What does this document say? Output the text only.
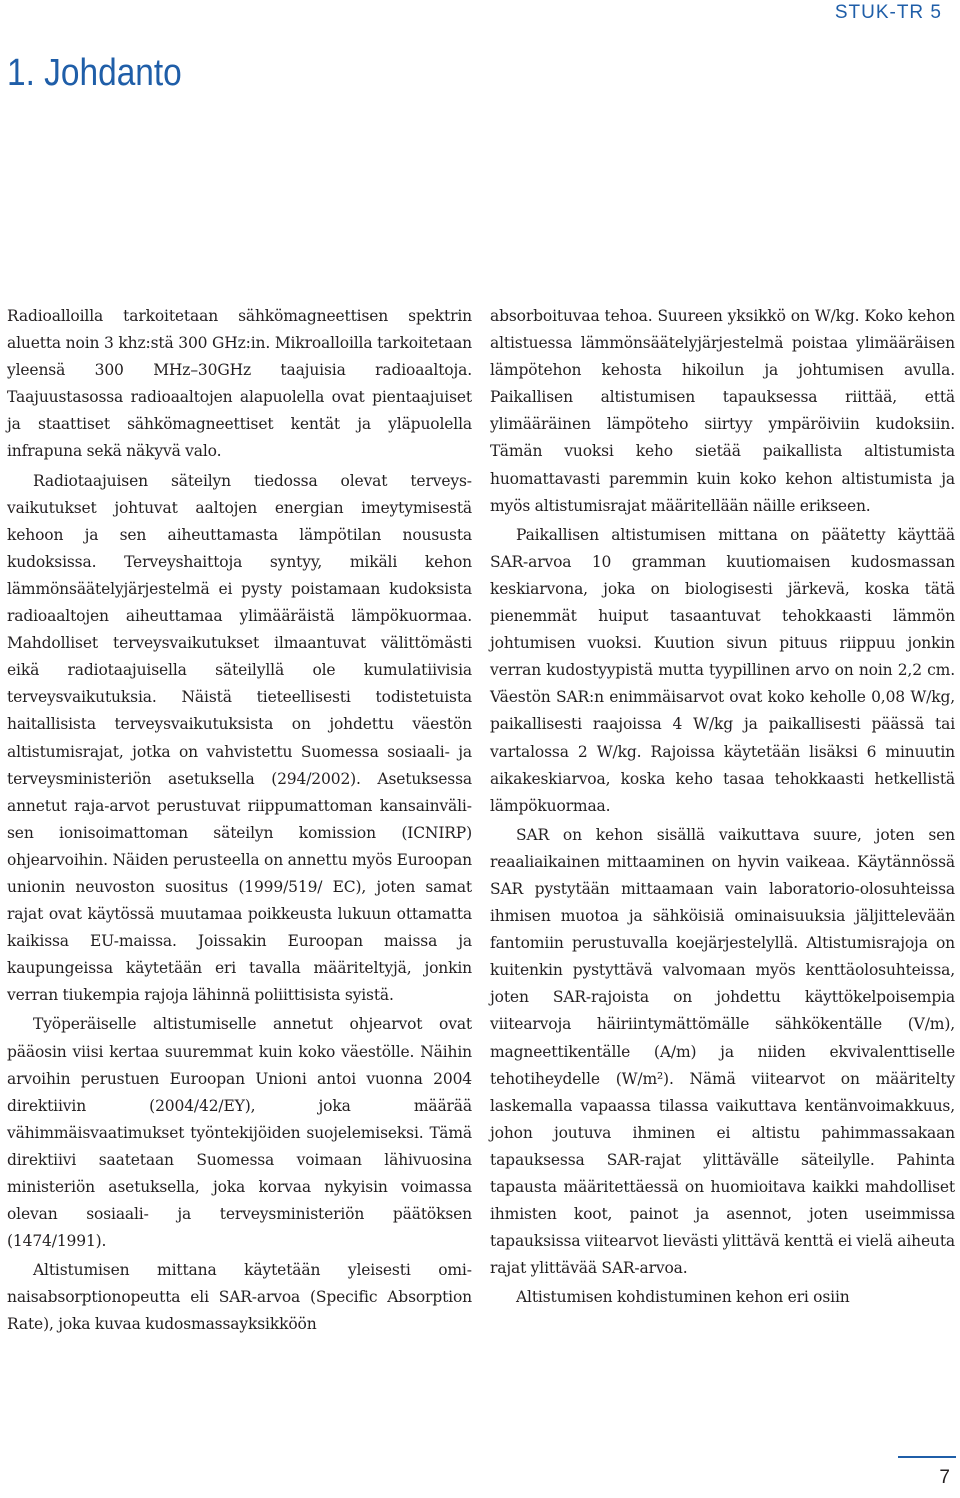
STUK-TR 5
1. Johdanto

Radioalloilla tarkoitetaan sähkömagneettisen spektrin aluetta noin 3 khz:stä 300 GHz:in. Mikroalloilla tarkoitetaan yleensä 300 MHz–30GHz taajuisia radioaaltoja. Taajuustasossa radioaaltojen alapuolella ovat pientaajuiset ja staattiset sähkömagneettiset kentät ja yläpuolella infrapuna sekä näkyvä valo.

Radiotaajuisen säteilyn tiedossa olevat terveysvaikutukset johtuvat aaltojen energian imeytymisestä kehoon ja sen aiheuttamasta lämpötilan noususta kudoksissa. Terveyshaittoja syntyy, mikäli kehon lämmönsäätelyjärjestelmä ei pysty poistamaan kudoksista radioaaltojen aiheuttamaa ylimääräistä lämpökuormaa. Mahdolliset terveysvaikutukset ilmaantuvat välittömästi eikä radiotaajuisella säteilyllä ole kumulatiivisia terveysvaikutuksia. Näistä tieteellisesti todistetuista haitallisista terveysvaikutuksista on johdettu väestön altistumisrajat, jotka on vahvistettu Suomessa sosiaali- ja terveysministeriön asetuksella (294/2002). Asetuksessa annetut raja-arvot perustuvat riippumattoman kansainvälisen ionisoimattoman säteilyn komission (ICNIRP) ohjearvoihin. Näiden perusteella on annettu myös Euroopan unionin neuvoston suositus (1999/519/ EC), joten samat rajat ovat käytössä muutamaa poikkeusta lukuun ottamatta kaikissa EU-maissa. Joissakin Euroopan maissa ja kaupungeissa käytetään eri tavalla määriteltyjä, jonkin verran tiukempia rajoja lähinnä poliittisista syistä.

Työperäiselle altistumiselle annetut ohjearvot ovat pääosin viisi kertaa suuremmat kuin koko väestölle. Näihin arvoihin perustuen Euroopan Unioni antoi vuonna 2004 direktiivin (2004/42/EY), joka määrää vähimmäisvaatimukset työntekijöiden suojelemiseksi. Tämä direktiivi saatetaan Suomessa voimaan lähivuosina ministeriön asetuksella, joka korvaa nykyisin voimassa olevan sosiaali- ja terveysministeriön päätöksen (1474/1991).

Altistumisen mittana käytetään yleisesti ominaisabsorptionopeutta eli SAR-arvoa (Specific Absorption Rate), joka kuvaa kudosmassayksikköön

absorboituvaa tehoa. Suureen yksikkö on W/kg. Koko kehon altistuessa lämmönsäätelyjärjestelmä poistaa ylimääräisen lämpötehon kehosta hikoilun ja johtumisen avulla. Paikallisen altistumisen tapauksessa riittää, että ylimääräinen lämpöteho siirtyy ympäröiviin kudoksiin. Tämän vuoksi keho sietää paikallista altistumista huomattavasti paremmin kuin koko kehon altistumista ja myös altistumisrajat määritellään näille erikseen.

Paikallisen altistumisen mittana on päätetty käyttää SAR-arvoa 10 gramman kuutiomaisen kudosmassan keskiarvona, joka on biologisesti järkevä, koska tätä pienemmät huiput tasaantuvat tehokkaasti lämmön johtumisen vuoksi. Kuution sivun pituus riippuu jonkin verran kudostyypistä mutta tyypillinen arvo on noin 2,2 cm. Väestön SAR:n enimmäisarvot ovat koko keholle 0,08 W/kg, paikallisesti raajoissa 4 W/kg ja paikallisesti päässä tai vartalossa 2 W/kg. Rajoissa käytetään lisäksi 6 minuutin aikakeskiarvoa, koska keho tasaa tehokkaasti hetkellistä lämpökuormaa.

SAR on kehon sisällä vaikuttava suure, joten sen reaaliaikainen mittaaminen on hyvin vaikeaa. Käytännössä SAR pystytään mittaamaan vain laboratorio-olosuhteissa ihmisen muotoa ja sähköisiä ominaisuuksia jäljittelevään fantomiin perustuvalla koejärjestelyllä. Altistumisrajoja on kuitenkin pystyttävä valvomaan myös kenttäolosuhteissa, joten SAR-rajoista on johdettu käyttökelpoisempia viitearvoja häiriintymättömälle sähkökentälle (V/m), magneettikentälle (A/m) ja niiden ekvivalenttiselle tehotiheydelle (W/m²). Nämä viitearvot on määritelty laskemalla vapaassa tilassa vaikuttava kentänvoimakkuus, johon joutuva ihminen ei altistu pahimmassakaan tapauksessa SAR-rajat ylittävälle säteilylle. Pahinta tapausta määritettäessä on huomioitava kaikki mahdolliset ihmisten koot, painot ja asennot, joten useimmissa tapauksissa viitearvot lievästi ylittävä kenttä ei vielä aiheuta rajat ylittävää SAR-arvoa.

Altistumisen kohdistuminen kehon eri osiin

7
